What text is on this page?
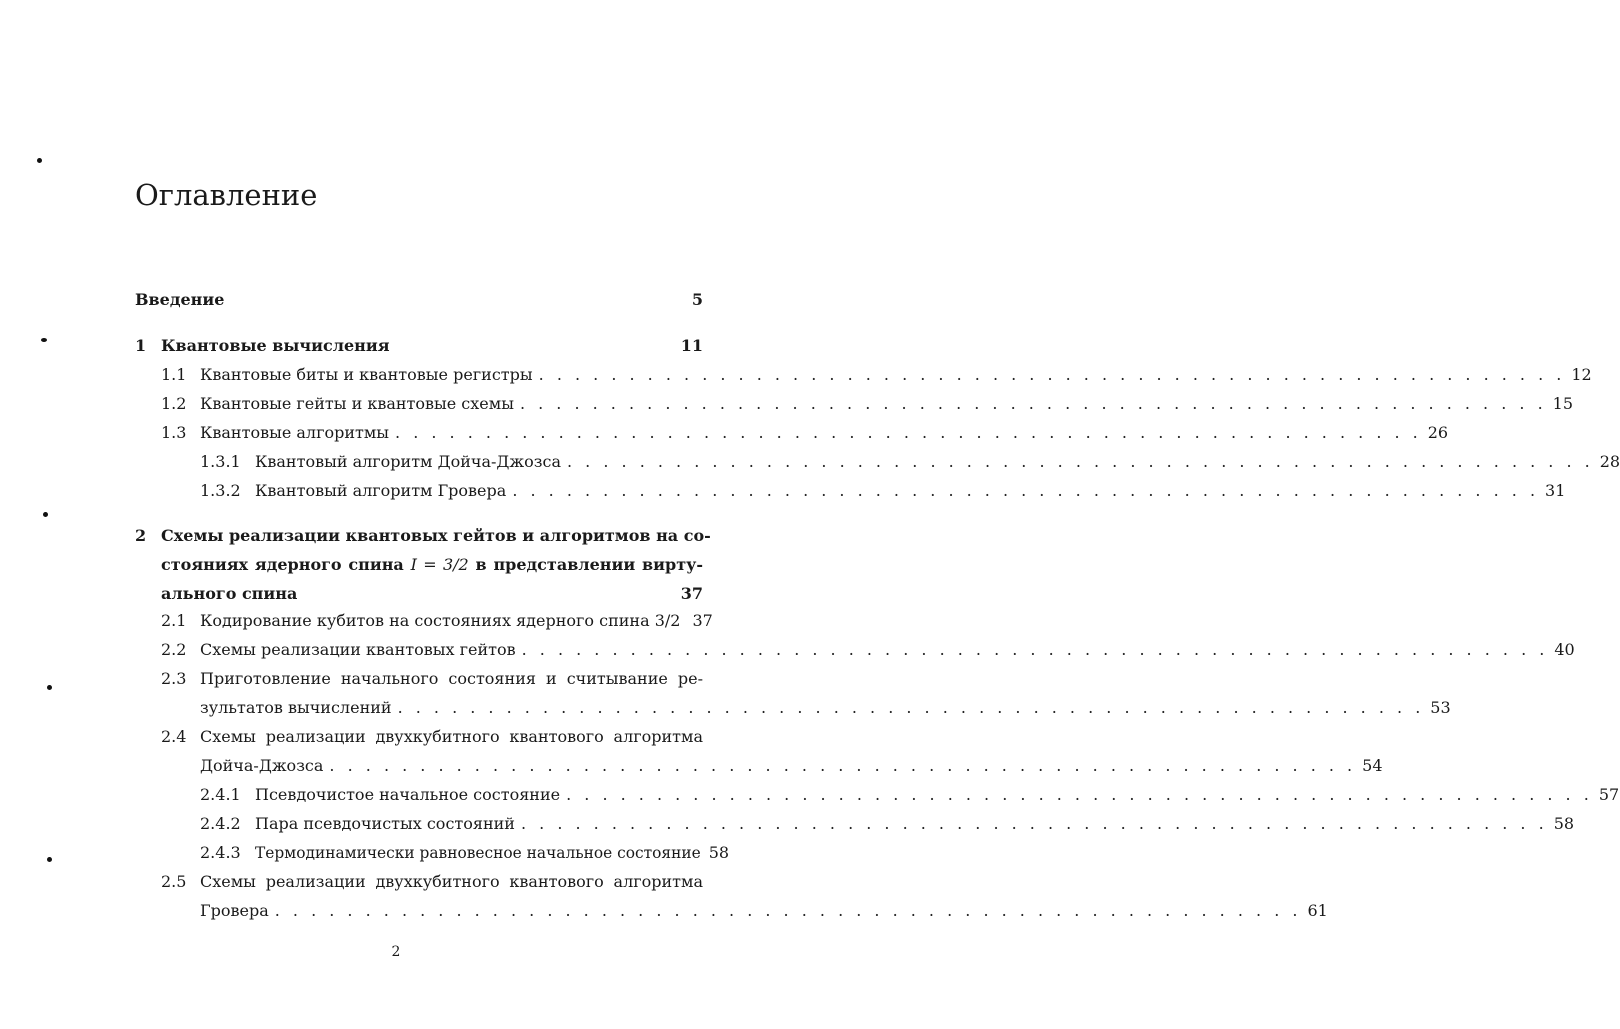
Оглавление
Введение	5
1 Квантовые вычисления	11
1.1 Квантовые биты и квантовые регистры . . . . . . . . . . . . . . . . . . . . . . . . . . . . . . . . . . . . . . . . . . . . . . . . . . . . . . . . . 12
1.2 Квантовые гейты и квантовые схемы . . . . . . . . . . . . . . . . . . . . . . . . . . . . . . . . . . . . . . . . . . . . . . . . . . . . . . . . . 15
1.3 Квантовые алгоритмы . . . . . . . . . . . . . . . . . . . . . . . . . . . . . . . . . . . . . . . . . . . . . . . . . . . . . . . . . 26
1.3.1 Квантовый алгоритм Дойча-Джозса . . . . . . . . . . . . . . . . . . . . . . . . . . . . . . . . . . . . . . . . . . . . . . . . . . . . . . . . . 28
1.3.2 Квантовый алгоритм Гровера . . . . . . . . . . . . . . . . . . . . . . . . . . . . . . . . . . . . . . . . . . . . . . . . . . . . . . . . . 31
2 Схемы реализации квантовых гейтов и алгоритмов на со-
стояниях ядерного спина I = 3/2 в представлении вирту-
ального спина	37
2.1 Кодирование кубитов на состояниях ядерного спина 3/2 37
2.2 Схемы реализации квантовых гейтов . . . . . . . . . . . . . . . . . . . . . . . . . . . . . . . . . . . . . . . . . . . . . . . . . . . . . . . . . 40
2.3 Приготовление начального состояния и считывание ре-
зультатов вычислений . . . . . . . . . . . . . . . . . . . . . . . . . . . . . . . . . . . . . . . . . . . . . . . . . . . . . . . . . 53
2.4 Схемы реализации двухкубитного квантового алгоритма
Дойча-Джозса . . . . . . . . . . . . . . . . . . . . . . . . . . . . . . . . . . . . . . . . . . . . . . . . . . . . . . . . . 54
2.4.1 Псевдочистое начальное состояние . . . . . . . . . . . . . . . . . . . . . . . . . . . . . . . . . . . . . . . . . . . . . . . . . . . . . . . . . 57
2.4.2 Пара псевдочистых состояний . . . . . . . . . . . . . . . . . . . . . . . . . . . . . . . . . . . . . . . . . . . . . . . . . . . . . . . . . 58
2.4.3 Термодинамически равновесное начальное состояние 58
2.5 Схемы реализации двухкубитного квантового алгоритма
Гровера . . . . . . . . . . . . . . . . . . . . . . . . . . . . . . . . . . . . . . . . . . . . . . . . . . . . . . . . . 61
2
